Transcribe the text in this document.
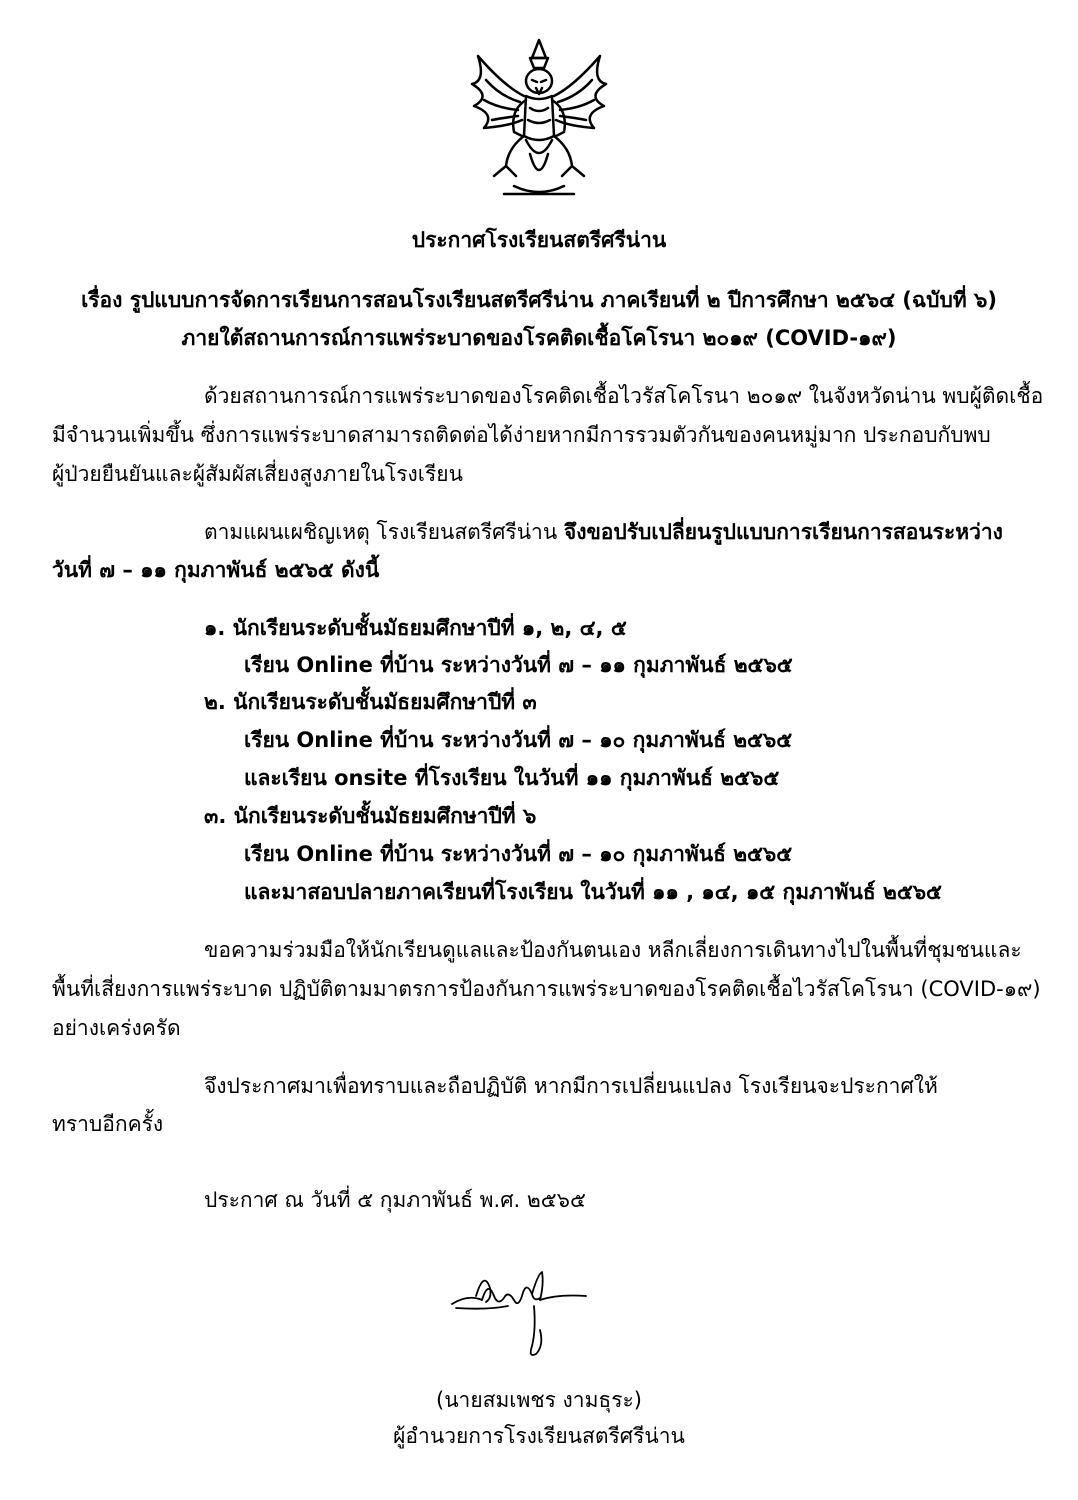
ประกาศโรงเรียนสตรีศรีน่าน
เรื่อง รูปแบบการจัดการเรียนการสอนโรงเรียนสตรีศรีน่าน ภาคเรียนที่ ๒ ปีการศึกษา ๒๕๖๔ (ฉบับที่ ๖)
ภายใต้สถานการณ์การแพร่ระบาดของโรคติดเชื้อโคโรนา ๒๐๑๙ (COVID-๑๙)
ด้วยสถานการณ์การแพร่ระบาดของโรคติดเชื้อไวรัสโคโรนา ๒๐๑๙ ในจังหวัดน่าน พบผู้ติดเชื้อ
มีจำนวนเพิ่มขึ้น ซึ่งการแพร่ระบาดสามารถติดต่อได้ง่ายหากมีการรวมตัวกันของคนหมู่มาก ประกอบกับพบ
ผู้ป่วยยืนยันและผู้สัมผัสเสี่ยงสูงภายในโรงเรียน
ตามแผนเผชิญเหตุ โรงเรียนสตรีศรีน่าน จึงขอปรับเปลี่ยนรูปแบบการเรียนการสอนระหว่าง
วันที่ ๗ – ๑๑ กุมภาพันธ์ ๒๕๖๕ ดังนี้
๑. นักเรียนระดับชั้นมัธยมศึกษาปีที่ ๑, ๒, ๔, ๕
เรียน Online ที่บ้าน ระหว่างวันที่ ๗ – ๑๑ กุมภาพันธ์ ๒๕๖๕
๒. นักเรียนระดับชั้นมัธยมศึกษาปีที่ ๓
เรียน Online ที่บ้าน ระหว่างวันที่ ๗ – ๑๐ กุมภาพันธ์ ๒๕๖๕
และเรียน onsite ที่โรงเรียน ในวันที่ ๑๑ กุมภาพันธ์ ๒๕๖๕
๓. นักเรียนระดับชั้นมัธยมศึกษาปีที่ ๖
เรียน Online ที่บ้าน ระหว่างวันที่ ๗ – ๑๐ กุมภาพันธ์ ๒๕๖๕
และมาสอบปลายภาคเรียนที่โรงเรียน ในวันที่ ๑๑ , ๑๔, ๑๕ กุมภาพันธ์ ๒๕๖๕
ขอความร่วมมือให้นักเรียนดูแลและป้องกันตนเอง หลีกเลี่ยงการเดินทางไปในพื้นที่ชุมชนและ
พื้นที่เสี่ยงการแพร่ระบาด ปฏิบัติตามมาตรการป้องกันการแพร่ระบาดของโรคติดเชื้อไวรัสโคโรนา (COVID-๑๙)
อย่างเคร่งครัด
จึงประกาศมาเพื่อทราบและถือปฏิบัติ หากมีการเปลี่ยนแปลง โรงเรียนจะประกาศให้
ทราบอีกครั้ง
ประกาศ ณ วันที่ ๕ กุมภาพันธ์ พ.ศ. ๒๕๖๕
(นายสมเพชร งามธุระ)
ผู้อำนวยการโรงเรียนสตรีศรีน่าน
